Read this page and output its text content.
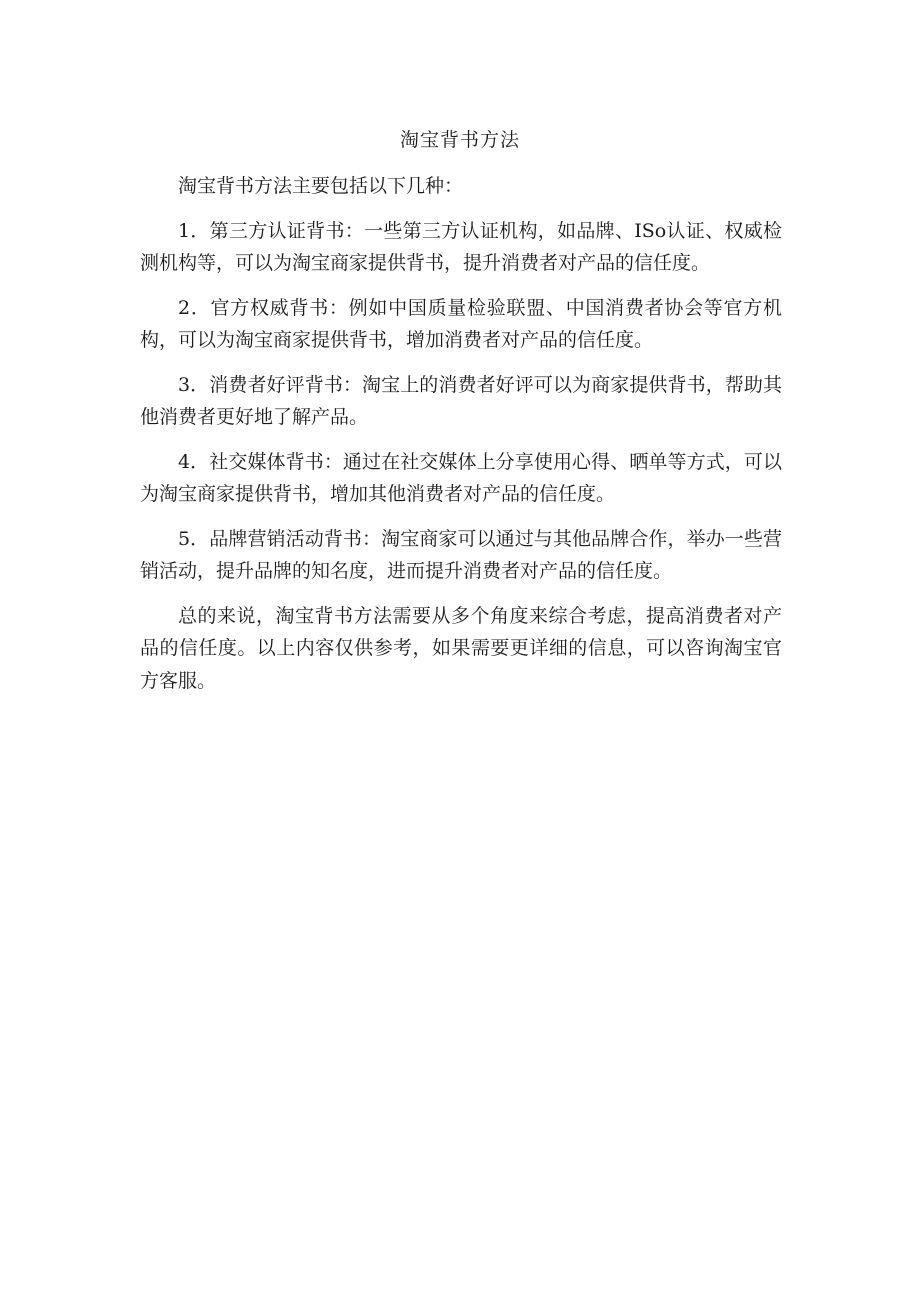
淘宝背书方法

淘宝背书方法主要包括以下几种：

1．第三方认证背书：一些第三方认证机构，如品牌、ISo认证、权威检测机构等，可以为淘宝商家提供背书，提升消费者对产品的信任度。

2．官方权威背书：例如中国质量检验联盟、中国消费者协会等官方机构，可以为淘宝商家提供背书，增加消费者对产品的信任度。

3．消费者好评背书：淘宝上的消费者好评可以为商家提供背书，帮助其他消费者更好地了解产品。

4．社交媒体背书：通过在社交媒体上分享使用心得、晒单等方式，可以为淘宝商家提供背书，增加其他消费者对产品的信任度。

5．品牌营销活动背书：淘宝商家可以通过与其他品牌合作，举办一些营销活动，提升品牌的知名度，进而提升消费者对产品的信任度。

总的来说，淘宝背书方法需要从多个角度来综合考虑，提高消费者对产品的信任度。以上内容仅供参考，如果需要更详细的信息，可以咨询淘宝官方客服。
